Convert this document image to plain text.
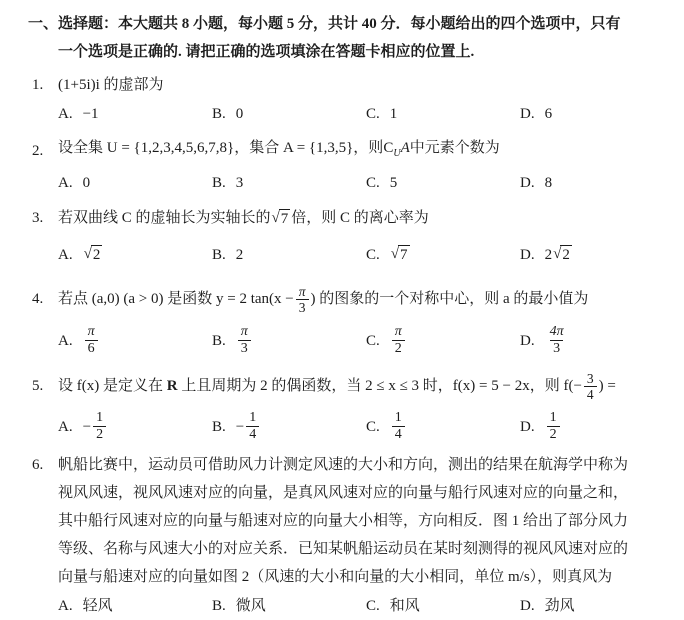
一、选择题：本大题共 8 小题，每小题 5 分，共计 40 分．每小题给出的四个选项中，只有
一个选项是正确的. 请把正确的选项填涂在答题卡相应的位置上.
1. (1+5i)i 的虚部为
A. −1	B. 0	C. 1	D. 6
2. 设全集 U = {1,2,3,4,5,6,7,8}，集合 A = {1,3,5}，则$C_UA$中元素个数为
A. 0	B. 3	C. 5	D. 8
3. 若双曲线 C 的虚轴长为实轴长的 √ 7 倍，则 C 的离心率为
A. √ 2	B. 2	C. √ 7	D. 2 √ 2
4. 若点 (a,0) (a > 0) 是函数 y = 2 $\tan(x - \frac{\pi}{3}$ ) 的图象的一个对称中心，则 a 的最小值为
A. $\frac{\pi}{6}$	B. $\frac{\pi}{3}$	C. $\frac{\pi}{2}$	D. $\frac{4\pi}{3}$
5. 设 f(x) 是定义在 R 上且周期为 2 的偶函数，当 2 ≤ x ≤ 3 时，f(x) = 5 − 2x，则 $f(- \frac{3}{4}$ ) =
A. − $\frac{1}{2}$	B. − $\frac{1}{4}$	C. $\frac{1}{4}$	D. $\frac{1}{2}$
6. 帆船比赛中，运动员可借助风力计测定风速的大小和方向，测出的结果在航海学中称为
视风风速，视风风速对应的向量，是真风风速对应的向量与船行风速对应的向量之和，
其中船行风速对应的向量与船速对应的向量大小相等，方向相反．图 1 给出了部分风力
等级、名称与风速大小的对应关系．已知某帆船运动员在某时刻测得的视风风速对应的
向量与船速对应的向量如图 2（风速的大小和向量的大小相同，单位 m/s），则真风为
A. 轻风	B. 微风	C. 和风	D. 劲风
